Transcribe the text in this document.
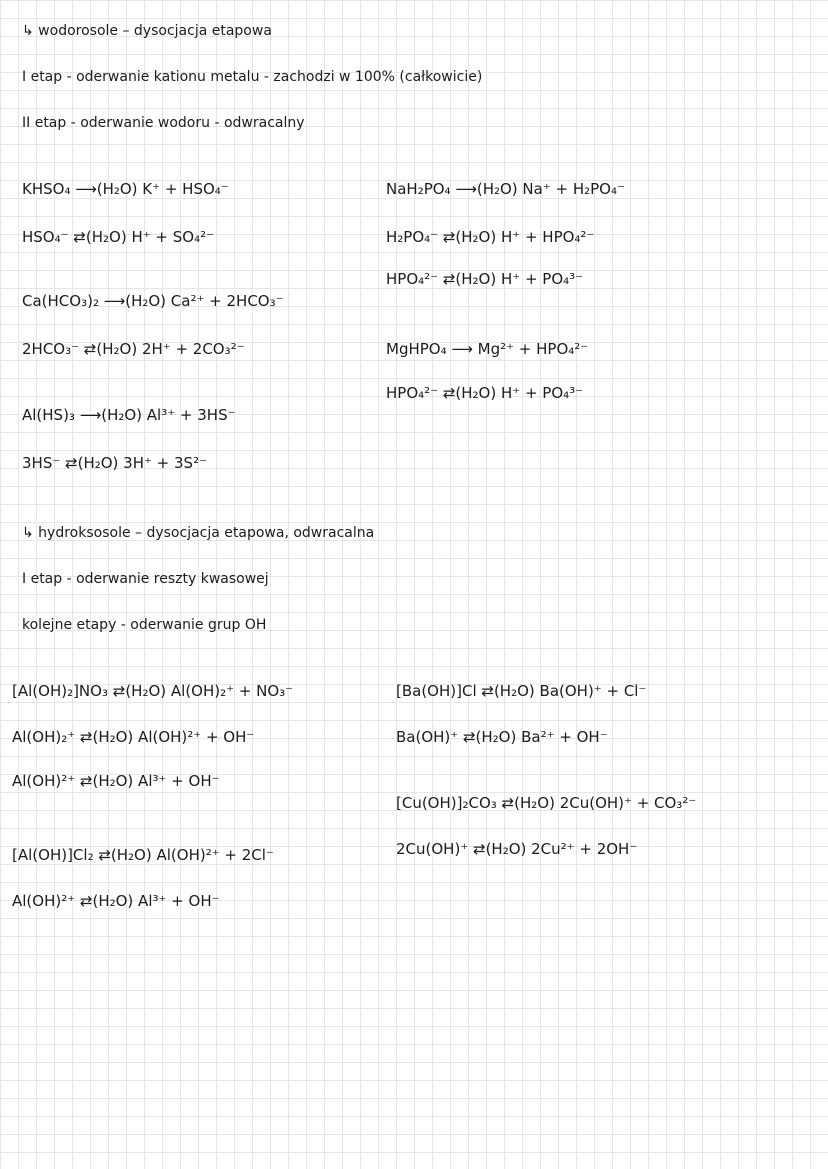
↳ wodorosole – dysocjacja etapowa
I etap - oderwanie kationu metalu - zachodzi w 100% (całkowicie)
II etap - oderwanie wodoru - odwracalny
KHSO₄ ⟶(H₂O) K⁺ + HSO₄⁻
HSO₄⁻ ⇄(H₂O) H⁺ + SO₄²⁻
Ca(HCO₃)₂ ⟶(H₂O) Ca²⁺ + 2HCO₃⁻
2HCO₃⁻ ⇄(H₂O) 2H⁺ + 2CO₃²⁻
Al(HS)₃ ⟶(H₂O) Al³⁺ + 3HS⁻
3HS⁻ ⇄(H₂O) 3H⁺ + 3S²⁻
NaH₂PO₄ ⟶(H₂O) Na⁺ + H₂PO₄⁻
H₂PO₄⁻ ⇄(H₂O) H⁺ + HPO₄²⁻
HPO₄²⁻ ⇄(H₂O) H⁺ + PO₄³⁻
MgHPO₄ ⟶ Mg²⁺ + HPO₄²⁻
HPO₄²⁻ ⇄(H₂O) H⁺ + PO₄³⁻
↳ hydroksosole – dysocjacja etapowa, odwracalna
I etap - oderwanie reszty kwasowej
kolejne etapy - oderwanie grup OH
[Al(OH)₂]NO₃ ⇄(H₂O) Al(OH)₂⁺ + NO₃⁻
Al(OH)₂⁺ ⇄(H₂O) Al(OH)²⁺ + OH⁻
Al(OH)²⁺ ⇄(H₂O) Al³⁺ + OH⁻
[Al(OH)]Cl₂ ⇄(H₂O) Al(OH)²⁺ + 2Cl⁻
Al(OH)²⁺ ⇄(H₂O) Al³⁺ + OH⁻
[Ba(OH)]Cl ⇄(H₂O) Ba(OH)⁺ + Cl⁻
Ba(OH)⁺ ⇄(H₂O) Ba²⁺ + OH⁻
[Cu(OH)]₂CO₃ ⇄(H₂O) 2Cu(OH)⁺ + CO₃²⁻
2Cu(OH)⁺ ⇄(H₂O) 2Cu²⁺ + 2OH⁻
